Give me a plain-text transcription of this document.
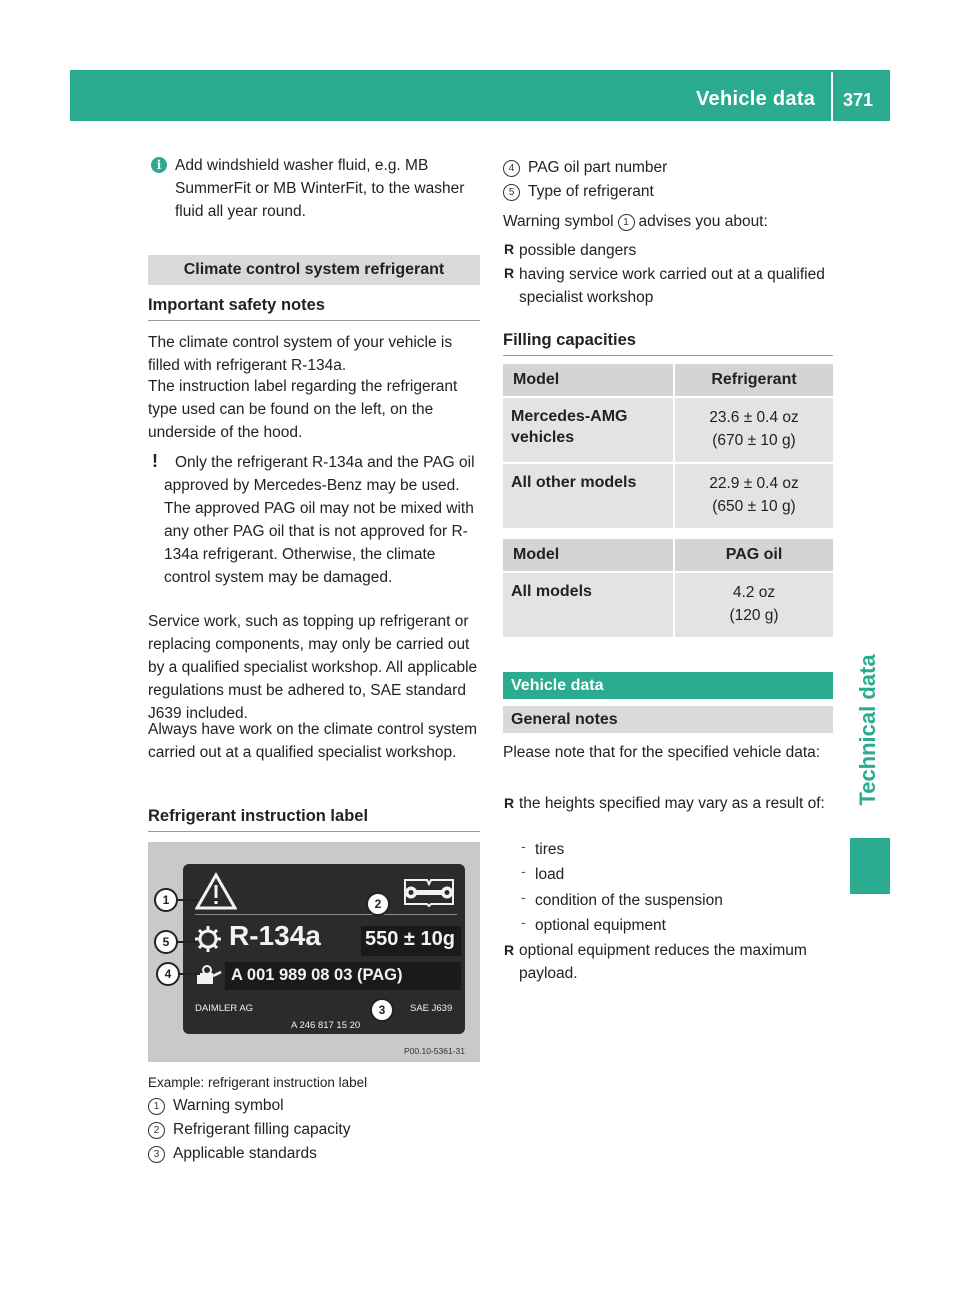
Vehicle data 371
Technical data
i Add windshield washer fluid, e.g. MB SummerFit or MB WinterFit, to the washer fluid all year round.

Climate control system refrigerant
Important safety notes

The climate control system of your vehicle is filled with refrigerant R-134a.

The instruction label regarding the refrigerant type used can be found on the left, on the underside of the hood.

!	Only the refrigerant R-134a and the PAG oil approved by Mercedes-Benz may be used. The approved PAG oil may not be mixed with any other PAG oil that is not approved for R-134a refrigerant. Otherwise, the climate control system may be damaged.

Service work, such as topping up refrigerant or replacing components, may only be carried out by a qualified specialist workshop. All applicable regulations must be adhered to, SAE standard J639 included.

Always have work on the climate control system carried out at a qualified specialist workshop.

Refrigerant instruction label
R-134a 550 ± 10g
A 001 989 08 03 (PAG)
DAIMLER AG
A 246 817 15 20
SAE J639
1	2
3
4
5
P00.10-5361-31
Example: refrigerant instruction label
1 Warning symbol
2 Refrigerant filling capacity
3 Applicable standards
4 PAG oil part number
5 Type of refrigerant
Warning symbol 1 advises you about:
R possible dangers

R having service work carried out at a qualified specialist workshop

Filling capacities
Model	Refrigerant
Mercedes-AMG vehicles	23.6 ± 0.4 oz
(670 ± 10 g)

All other models	22.9 ± 0.4 oz
(650 ± 10 g)
Model	PAG oil
All models	4.2 oz
(120 g)
Vehicle data
General notes

Please note that for the specified vehicle data:

R the heights specified may vary as a result of:

- tires

- load

- condition of the suspension

- optional equipment

R optional equipment reduces the maximum payload.
